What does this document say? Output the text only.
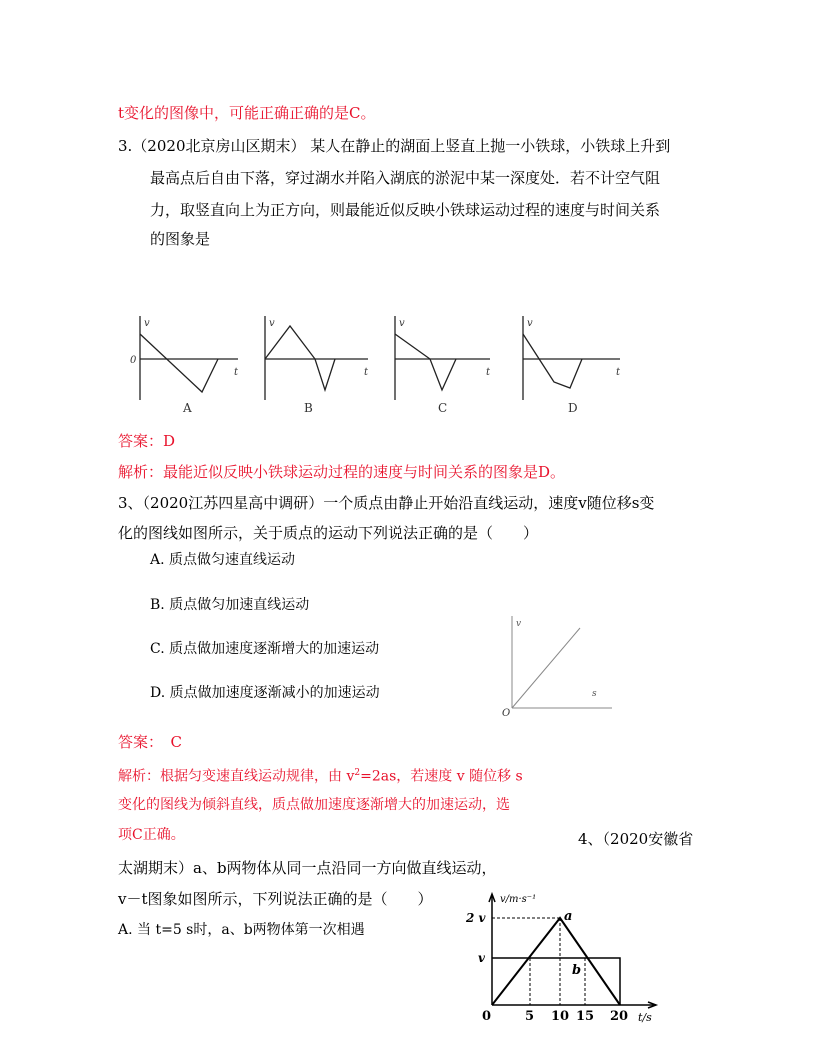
t变化的图像中，可能正确正确的是C。
3.（2020北京房山区期末） 某人在静止的湖面上竖直上抛一小铁球，小铁球上升到
最高点后自由下落，穿过湖水并陷入湖底的淤泥中某一深度处．若不计空气阻
力，取竖直向上为正方向，则最能近似反映小铁球运动过程的速度与时间关系
的图象是
v
0
t
v
t
v
t
v
t
A	B	C	D
答案：D
解析：最能近似反映小铁球运动过程的速度与时间关系的图象是D。
3、（2020江苏四星高中调研）一个质点由静止开始沿直线运动，速度v随位移s变
化的图线如图所示，关于质点的运动下列说法正确的是（　　）
A. 质点做匀速直线运动
B. 质点做匀加速直线运动
C. 质点做加速度逐渐增大的加速运动
D. 质点做加速度逐渐减小的加速运动
v
s
O
答案：　C
解析：根据匀变速直线运动规律，由 $v^2=2as$，若速度 v 随位移 s
变化的图线为倾斜直线，质点做加速度逐渐增大的加速运动，选
项C正确。	4、（2020安徽省
太湖期末）a、b两物体从同一点沿同一方向做直线运动，
v－t图象如图所示，下列说法正确的是（　　）
A. 当 t=5 s时，a、b两物体第一次相遇
v/m·s⁻¹
2 v
v
a
b
0	5 10 15 20 t/s
